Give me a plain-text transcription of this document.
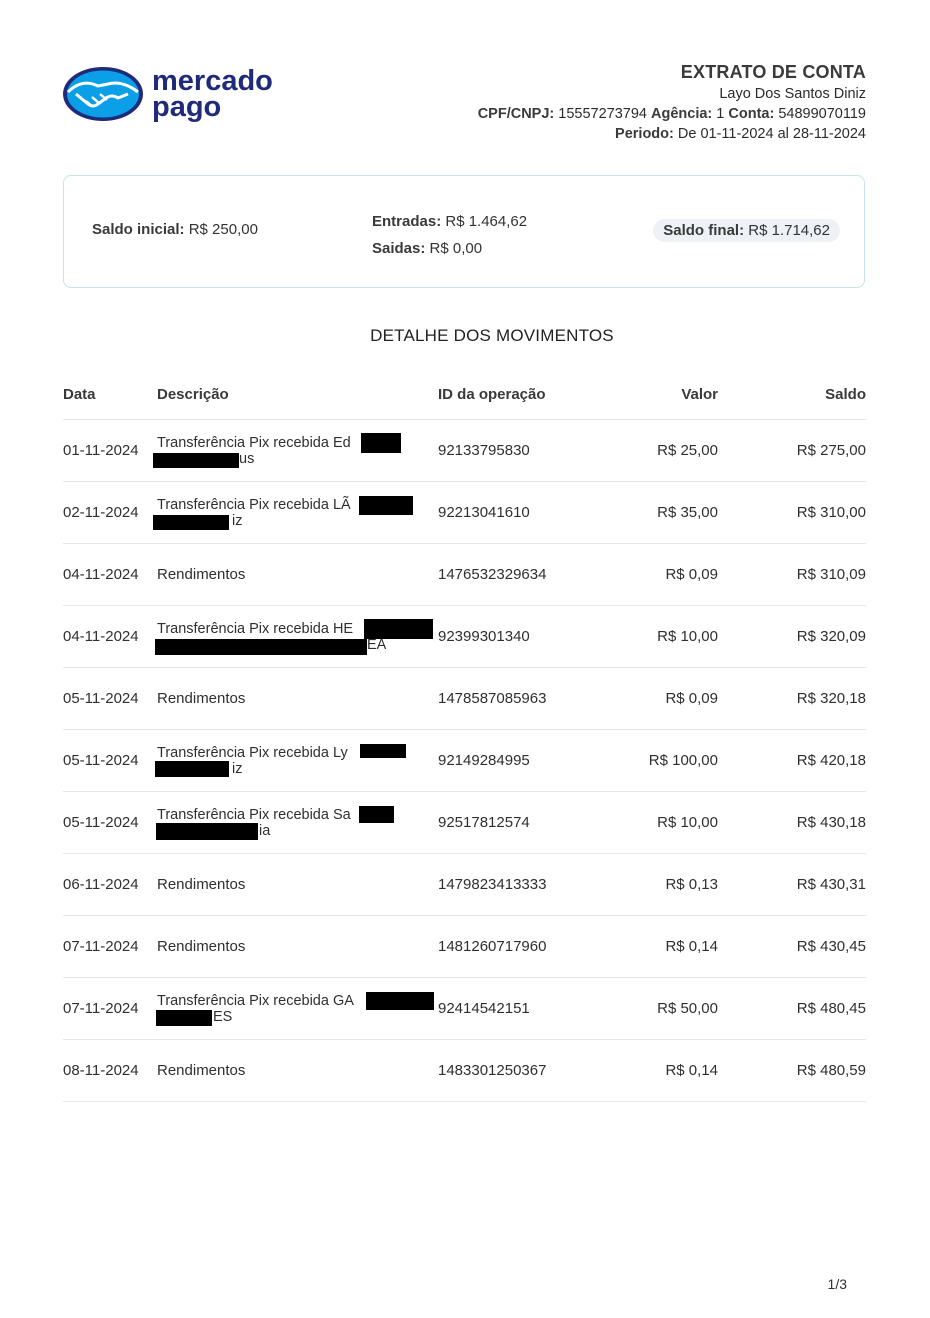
mercado
pago
EXTRATO DE CONTA
Layo Dos Santos Diniz
CPF/CNPJ: 15557273794 Agência: 1 Conta: 54899070119
Periodo: De 01-11-2024 al 28-11-2024
Saldo inicial: R$ 250,00	Entradas: R$ 1.464,62
Saidas: R$ 0,00
Saldo final: R$ 1.714,62
DETALHE DOS MOVIMENTOS
Data	Descrição	ID da operação	Valor	Saldo
01-11-2024 Transferência Pix recebida Ed
us	92133795830	R$ 25,00	R$ 275,00
02-11-2024 Transferência Pix recebida LÃ
iz	92213041610	R$ 35,00	R$ 310,00
04-11-2024 Rendimentos	1476532329634	R$ 0,09	R$ 310,09
04-11-2024 Transferência Pix recebida HE
EA	92399301340	R$ 10,00	R$ 320,09
05-11-2024 Rendimentos	1478587085963	R$ 0,09	R$ 320,18
05-11-2024 Transferência Pix recebida Ly
iz	92149284995	R$ 100,00	R$ 420,18
05-11-2024 Transferência Pix recebida Sa
ia	92517812574	R$ 10,00	R$ 430,18
06-11-2024 Rendimentos	1479823413333	R$ 0,13	R$ 430,31
07-11-2024 Rendimentos	1481260717960	R$ 0,14	R$ 430,45
07-11-2024 Transferência Pix recebida GA
ES	92414542151	R$ 50,00	R$ 480,45
08-11-2024 Rendimentos	1483301250367	R$ 0,14	R$ 480,59
1/3
